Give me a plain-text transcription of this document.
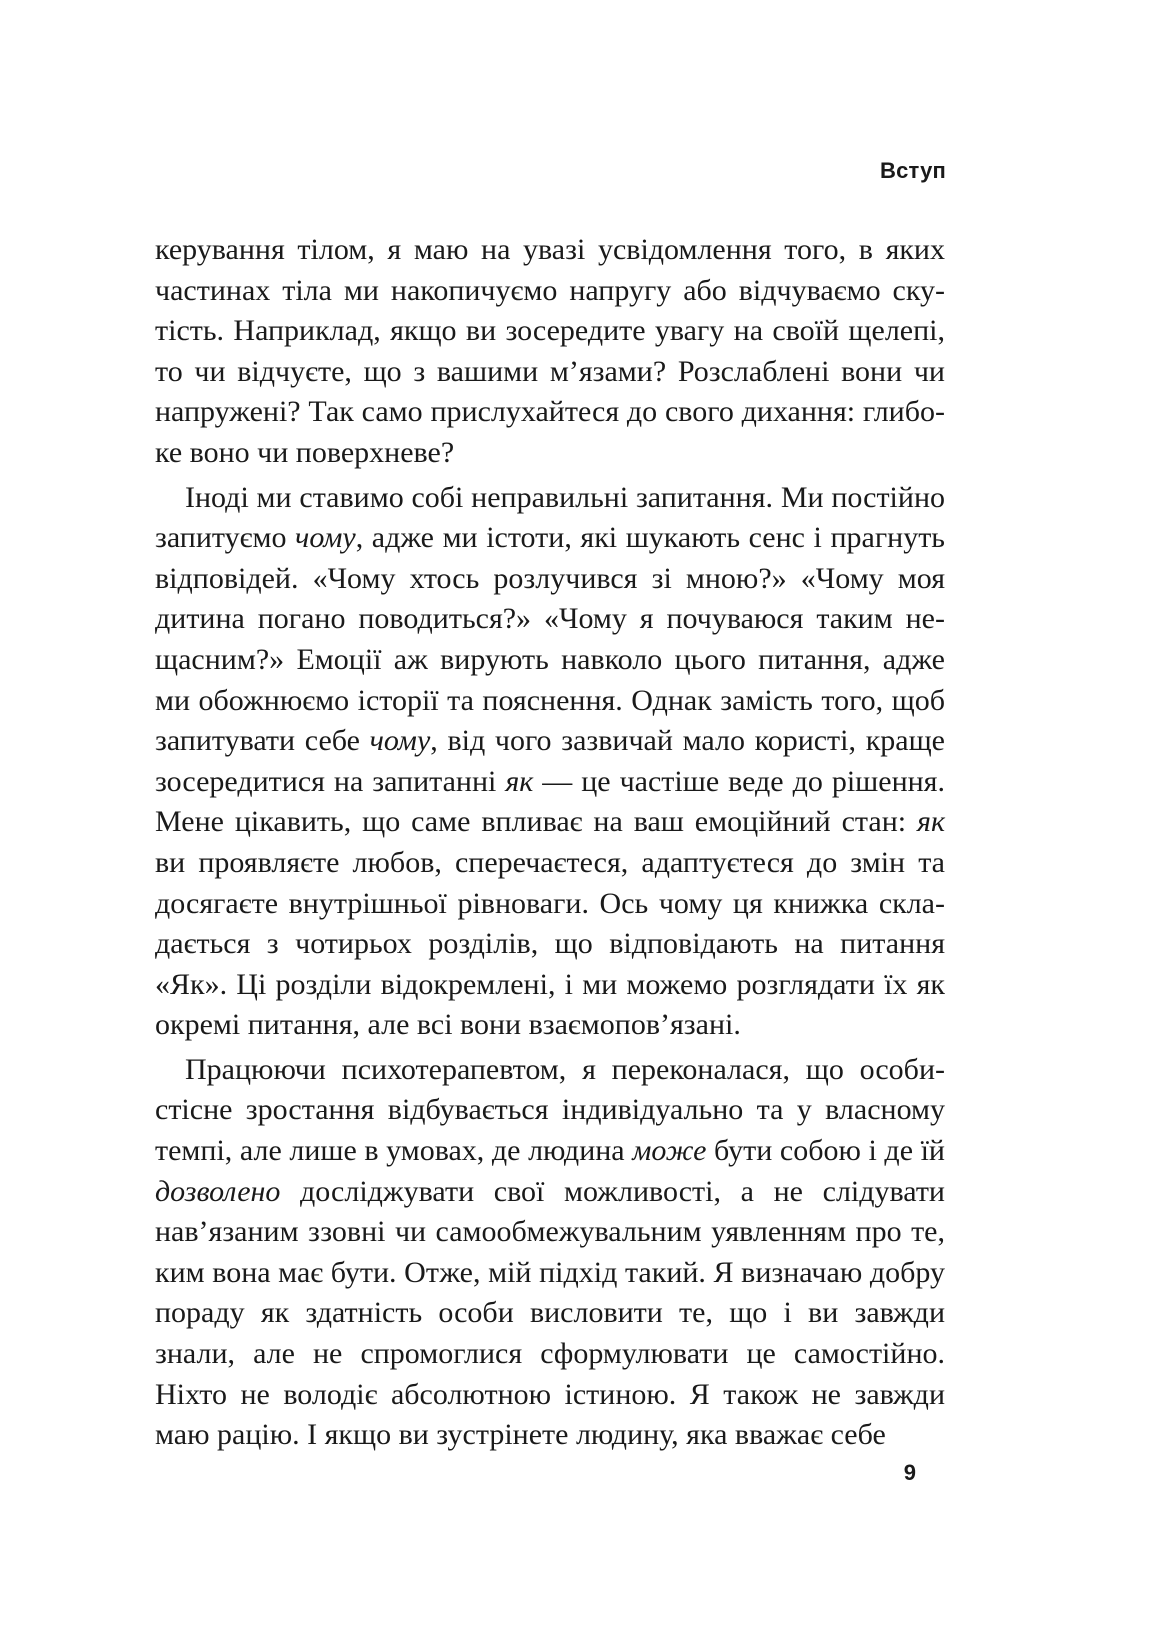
Вступ

керування тілом, я маю на увазі усвідомлення того, в яких частинах тіла ми накопичуємо напругу або відчуваємо скутість. Наприклад, якщо ви зосередите увагу на своїй щелепі, то чи відчуєте, що з вашими м’язами? Розслаблені вони чи напружені? Так само прислухайтеся до свого дихання: глибоке воно чи поверхневе?

Іноді ми ставимо собі неправильні запитання. Ми постійно запитуємо чому, адже ми істоти, які шукають сенс і прагнуть відповідей. «Чому хтось розлучився зі мною?» «Чому моя дитина погано поводиться?» «Чому я почуваюся таким нещасним?» Емоції аж вирують навколо цього питання, адже ми обожнюємо історії та пояснення. Однак замість того, щоб запитувати себе чому, від чого зазвичай мало користі, краще зосередитися на запитанні як — це частіше веде до рішення. Мене цікавить, що саме впливає на ваш емоційний стан: як ви проявляєте любов, сперечаєтеся, адаптуєтеся до змін та досягаєте внутрішньої рівноваги. Ось чому ця книжка складається з чотирьох розділів, що відповідають на питання «Як». Ці розділи відокремлені, і ми можемо розглядати їх як окремі питання, але всі вони взаємопов’язані.

Працюючи психотерапевтом, я переконалася, що особистісне зростання відбувається індивідуально та у власному темпі, але лише в умовах, де людина може бути собою і де їй дозволено досліджувати свої можливості, а не слідувати нав’язаним ззовні чи самообмежувальним уявленням про те, ким вона має бути. Отже, мій підхід такий. Я визначаю добру пораду як здатність особи висловити те, що і ви завжди знали, але не спромоглися сформулювати це самостійно. Ніхто не володіє абсолютною істиною. Я також не завжди маю рацію. І якщо ви зустрінете людину, яка вважає себе

9
